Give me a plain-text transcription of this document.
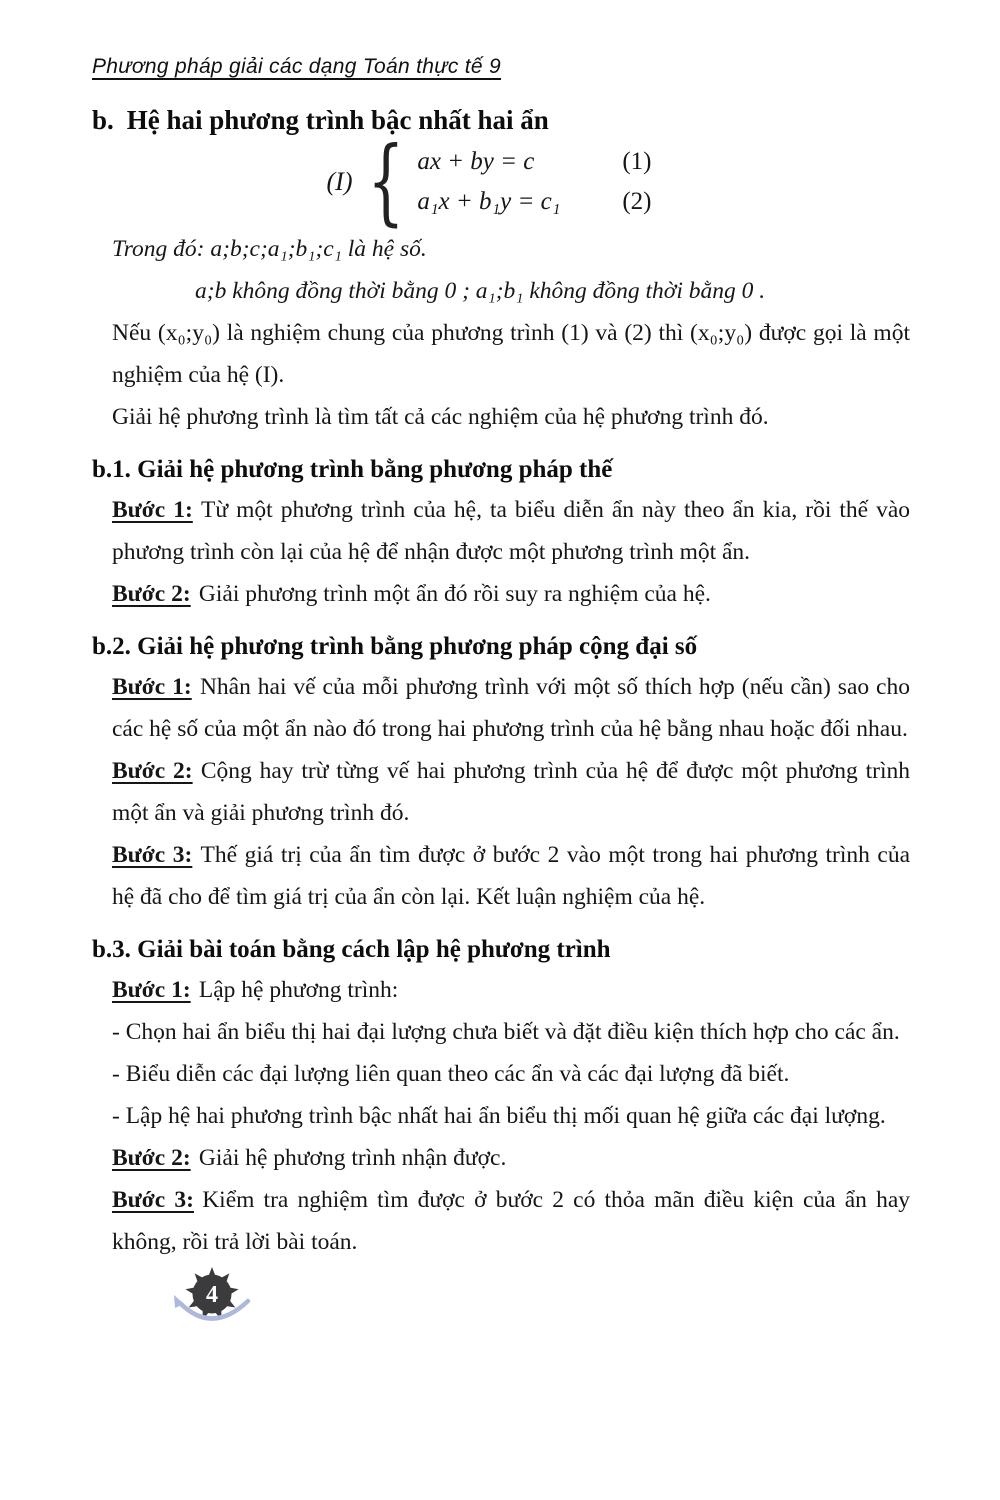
Phương pháp giải các dạng Toán thực tế 9
b. Hệ hai phương trình bậc nhất hai ẩn
(I) { ax + by = c	(1)
a₁x + b₁y = c₁	(2)

Trong đó: a;b;c;a₁;b₁;c₁ là hệ số.

a;b không đồng thời bằng 0 ; a₁;b₁ không đồng thời bằng 0 .

Nếu (x₀;y₀) là nghiệm chung của phương trình (1) và (2) thì (x₀;y₀) được gọi là một nghiệm của hệ (I).

Giải hệ phương trình là tìm tất cả các nghiệm của hệ phương trình đó.

b.1. Giải hệ phương trình bằng phương pháp thế

Bước 1: Từ một phương trình của hệ, ta biểu diễn ẩn này theo ẩn kia, rồi thế vào phương trình còn lại của hệ để nhận được một phương trình một ẩn.

Bước 2: Giải phương trình một ẩn đó rồi suy ra nghiệm của hệ.

b.2. Giải hệ phương trình bằng phương pháp cộng đại số

Bước 1: Nhân hai vế của mỗi phương trình với một số thích hợp (nếu cần) sao cho các hệ số của một ẩn nào đó trong hai phương trình của hệ bằng nhau hoặc đối nhau.

Bước 2: Cộng hay trừ từng vế hai phương trình của hệ để được một phương trình một ẩn và giải phương trình đó.

Bước 3: Thế giá trị của ẩn tìm được ở bước 2 vào một trong hai phương trình của hệ đã cho để tìm giá trị của ẩn còn lại. Kết luận nghiệm của hệ.

b.3. Giải bài toán bằng cách lập hệ phương trình

Bước 1: Lập hệ phương trình:

- Chọn hai ẩn biểu thị hai đại lượng chưa biết và đặt điều kiện thích hợp cho các ẩn.

- Biểu diễn các đại lượng liên quan theo các ẩn và các đại lượng đã biết.

- Lập hệ hai phương trình bậc nhất hai ẩn biểu thị mối quan hệ giữa các đại lượng.

Bước 2: Giải hệ phương trình nhận được.

Bước 3: Kiểm tra nghiệm tìm được ở bước 2 có thỏa mãn điều kiện của ẩn hay không, rồi trả lời bài toán.

4
